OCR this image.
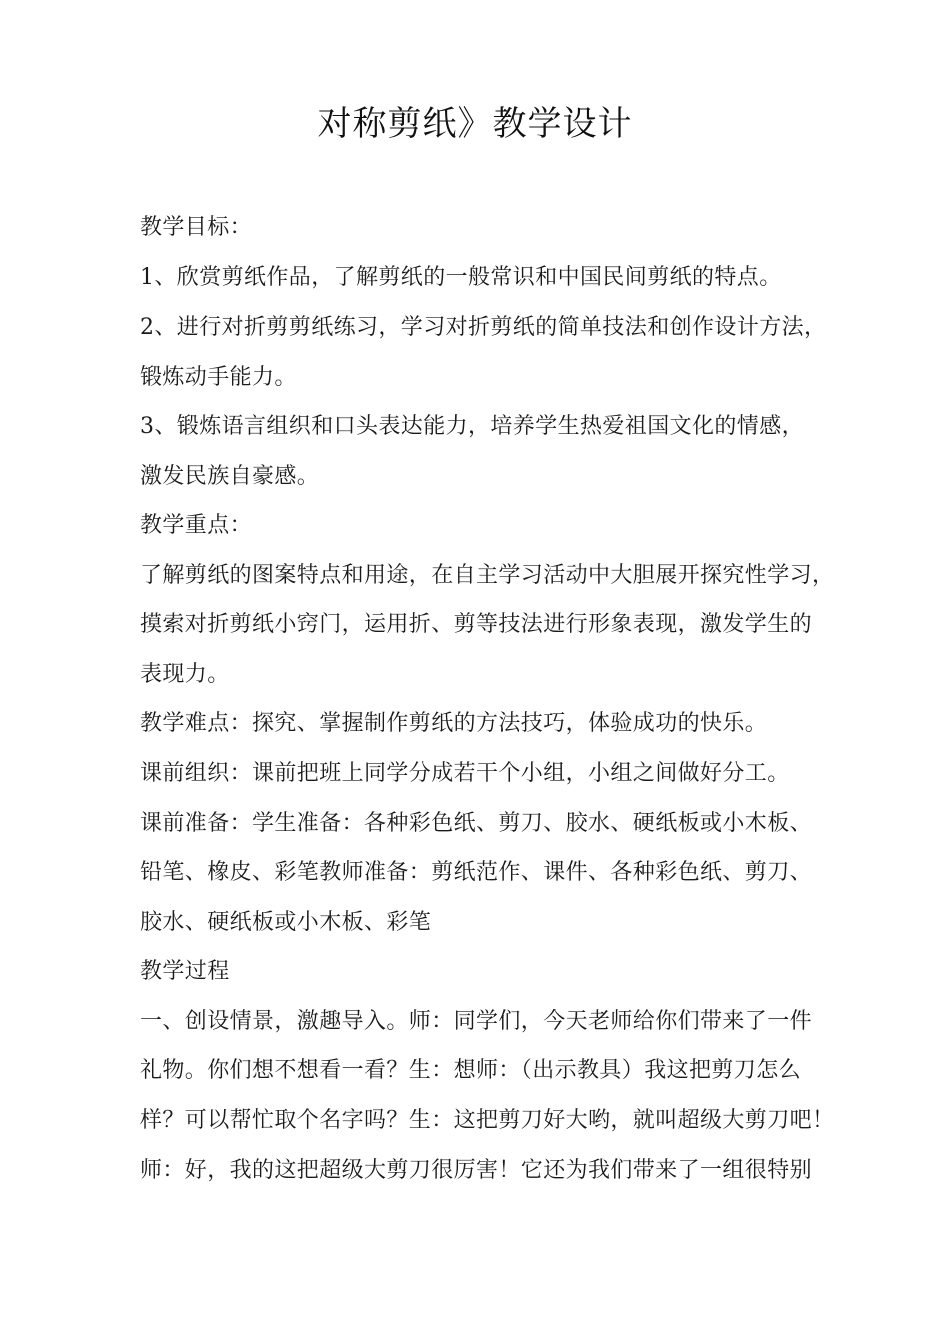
对称剪纸》教学设计
教学目标：
1、欣赏剪纸作品，了解剪纸的一般常识和中国民间剪纸的特点。
2、进行对折剪剪纸练习，学习对折剪纸的简单技法和创作设计方法，
锻炼动手能力。
3、锻炼语言组织和口头表达能力，培养学生热爱祖国文化的情感，
激发民族自豪感。
教学重点：
了解剪纸的图案特点和用途，在自主学习活动中大胆展开探究性学习，
摸索对折剪纸小窍门，运用折、剪等技法进行形象表现，激发学生的
表现力。
教学难点：探究、掌握制作剪纸的方法技巧，体验成功的快乐。
课前组织：课前把班上同学分成若干个小组，小组之间做好分工。
课前准备：学生准备：各种彩色纸、剪刀、胶水、硬纸板或小木板、
铅笔、橡皮、彩笔教师准备：剪纸范作、课件、各种彩色纸、剪刀、
胶水、硬纸板或小木板、彩笔
教学过程
一、创设情景，激趣导入。师：同学们，今天老师给你们带来了一件
礼物。你们想不想看一看？生：想师：（出示教具）我这把剪刀怎么
样？可以帮忙取个名字吗？生：这把剪刀好大哟，就叫超级大剪刀吧！
师：好，我的这把超级大剪刀很厉害！它还为我们带来了一组很特别
